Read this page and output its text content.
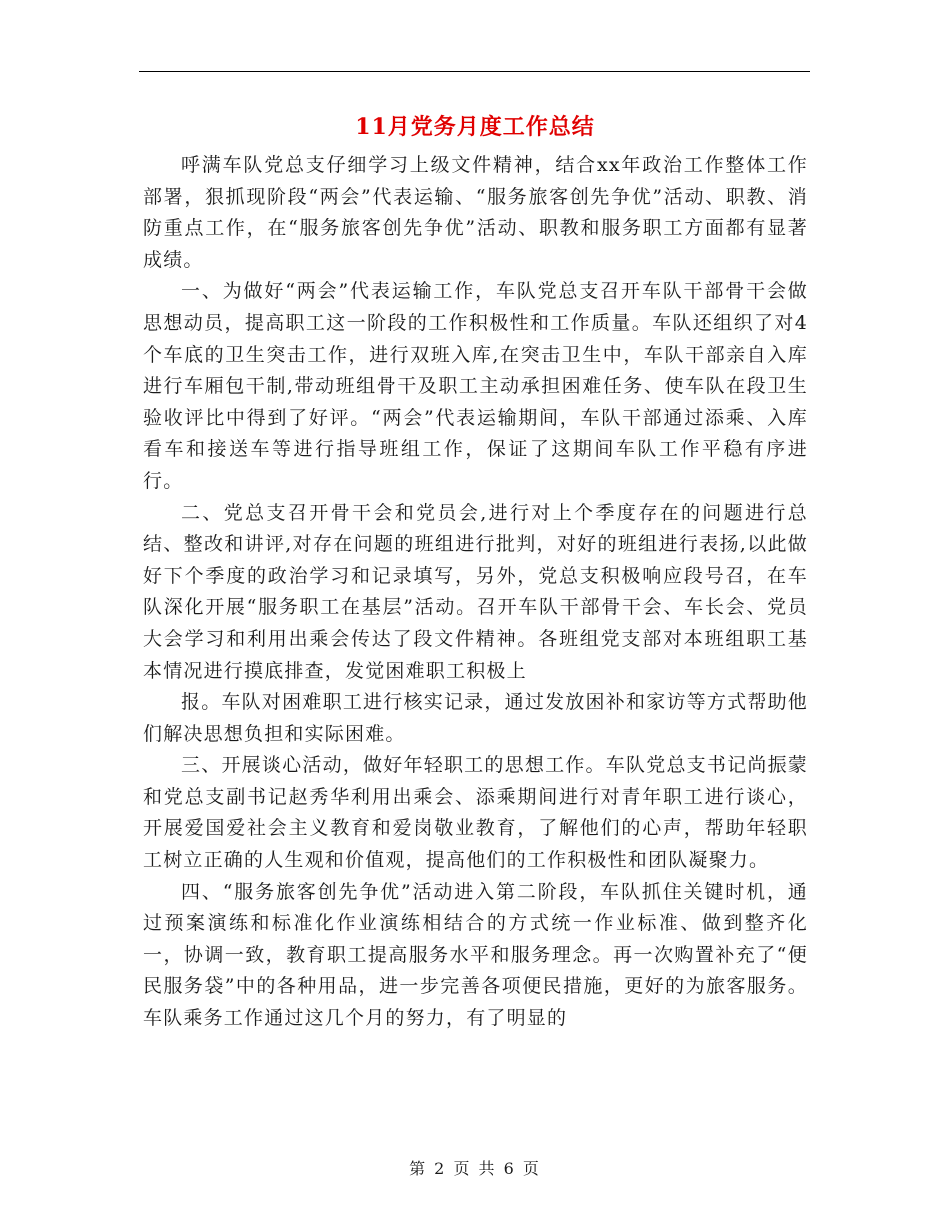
11月党务月度工作总结

呼满车队党总支仔细学习上级文件精神，结合xx年政治工作整体工作部署，狠抓现阶段“两会”代表运输、“服务旅客创先争优”活动、职教、消防重点工作，在“服务旅客创先争优”活动、职教和服务职工方面都有显著成绩。

一、为做好“两会”代表运输工作，车队党总支召开车队干部骨干会做思想动员，提高职工这一阶段的工作积极性和工作质量。车队还组织了对4个车底的卫生突击工作，进行双班入库,在突击卫生中，车队干部亲自入库进行车厢包干制,带动班组骨干及职工主动承担困难任务、使车队在段卫生验收评比中得到了好评。“两会”代表运输期间，车队干部通过添乘、入库看车和接送车等进行指导班组工作，保证了这期间车队工作平稳有序进行。

二、党总支召开骨干会和党员会,进行对上个季度存在的问题进行总结、整改和讲评,对存在问题的班组进行批判，对好的班组进行表扬,以此做好下个季度的政治学习和记录填写，另外，党总支积极响应段号召，在车队深化开展“服务职工在基层”活动。召开车队干部骨干会、车长会、党员大会学习和利用出乘会传达了段文件精神。各班组党支部对本班组职工基本情况进行摸底排查，发觉困难职工积极上

报。车队对困难职工进行核实记录，通过发放困补和家访等方式帮助他们解决思想负担和实际困难。

三、开展谈心活动，做好年轻职工的思想工作。车队党总支书记尚振蒙和党总支副书记赵秀华利用出乘会、添乘期间进行对青年职工进行谈心，开展爱国爱社会主义教育和爱岗敬业教育，了解他们的心声，帮助年轻职工树立正确的人生观和价值观，提高他们的工作积极性和团队凝聚力。

四、“服务旅客创先争优”活动进入第二阶段，车队抓住关键时机，通过预案演练和标准化作业演练相结合的方式统一作业标准、做到整齐化一，协调一致，教育职工提高服务水平和服务理念。再一次购置补充了“便民服务袋”中的各种用品，进一步完善各项便民措施，更好的为旅客服务。车队乘务工作通过这几个月的努力，有了明显的

第 2 页 共 6 页
